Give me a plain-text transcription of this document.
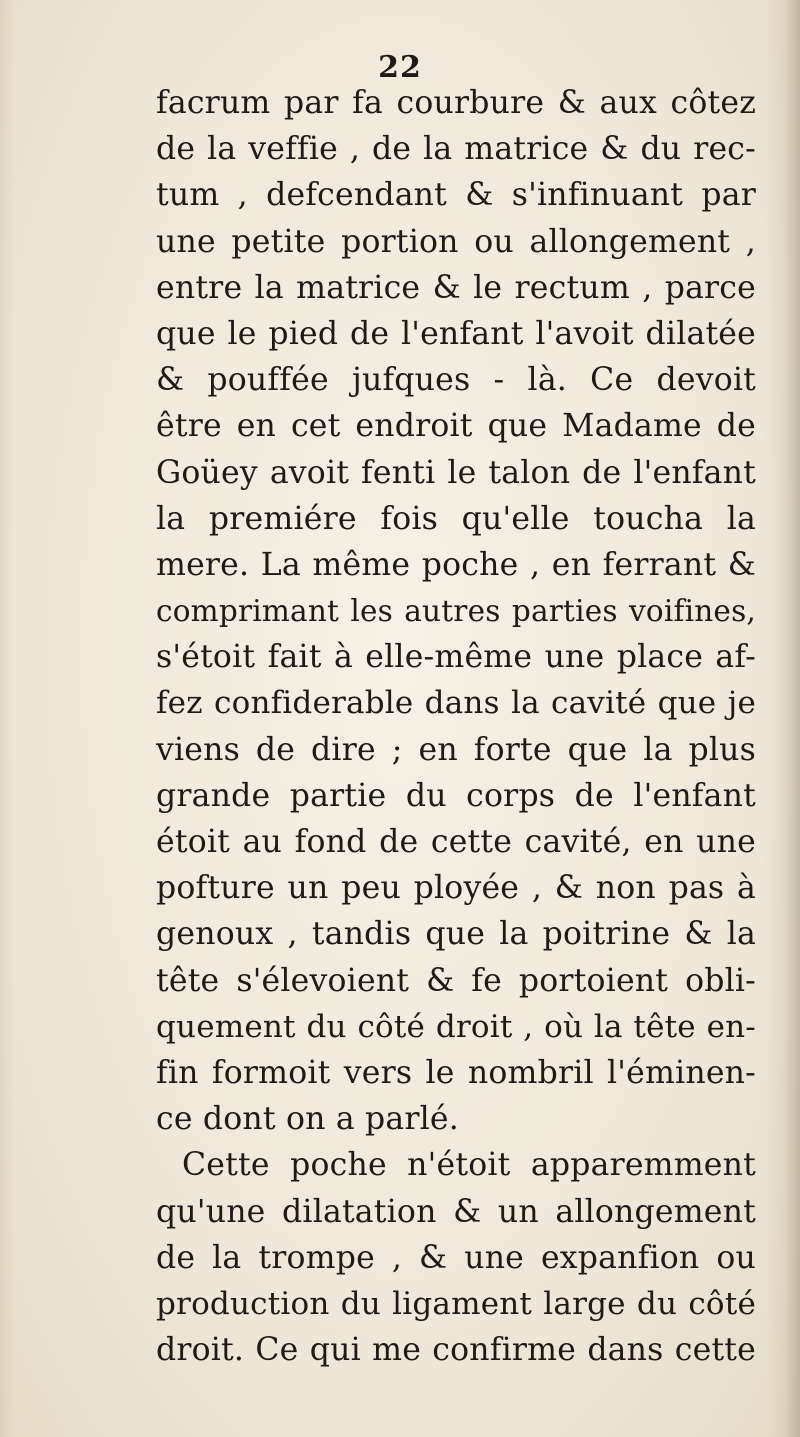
22
facrum par fa courbure & aux côtez
de la veffie , de la matrice & du rec-
tum , defcendant & s'infinuant par
une petite portion ou allongement ,
entre la matrice & le rectum , parce
que le pied de l'enfant l'avoit dilatée
& pouffée jufques - là. Ce devoit
être en cet endroit que Madame de
Goüey avoit fenti le talon de l'enfant
la premiére fois qu'elle toucha la
mere. La même poche , en ferrant &
comprimant les autres parties voifines,
s'étoit fait à elle-même une place af-
fez confiderable dans la cavité que je
viens de dire ; en forte que la plus
grande partie du corps de l'enfant
étoit au fond de cette cavité, en une
pofture un peu ployée , & non pas à
genoux , tandis que la poitrine & la
tête s'élevoient & fe portoient obli-
quement du côté droit , où la tête en-
fin formoit vers le nombril l'éminen-
ce dont on a parlé.
Cette poche n'étoit apparemment
qu'une dilatation & un allongement
de la trompe , & une expanfion ou
production du ligament large du côté
droit. Ce qui me confirme dans cette
